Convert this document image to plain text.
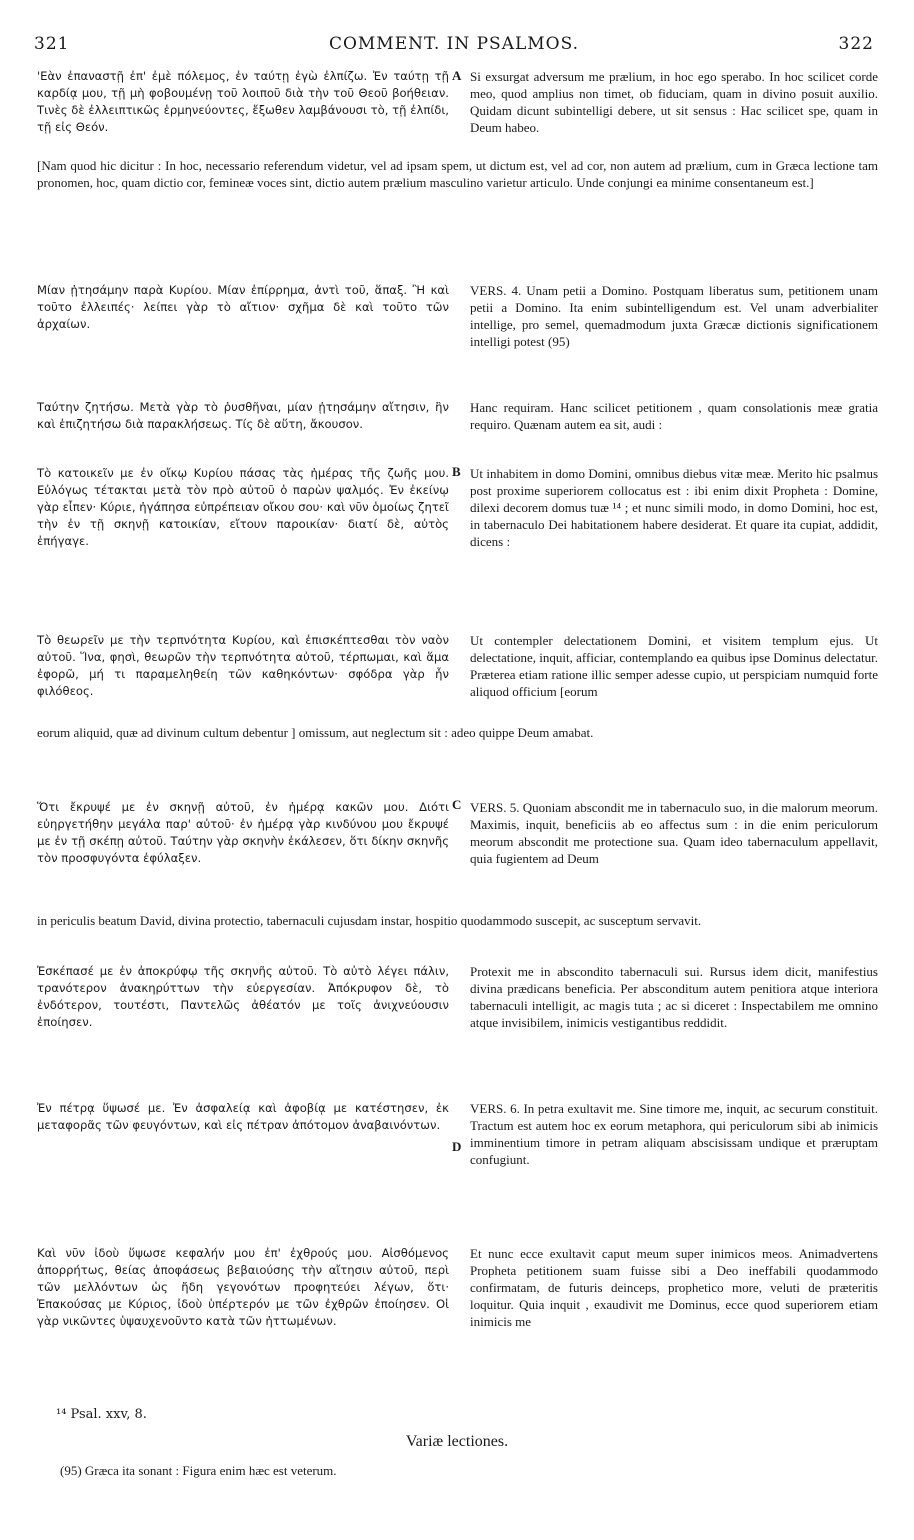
321	COMMENT. IN PSALMOS.	322
A
B
C
D

'Εὰν ἐπαναστῇ ἐπ' ἐμὲ πόλεμος, ἐν ταύτῃ ἐγὼ ἐλπίζω. Ἐν ταύτῃ τῇ καρδίᾳ μου, τῇ μὴ φοβουμένῃ τοῦ λοιποῦ διὰ τὴν τοῦ Θεοῦ βοήθειαν. Τινὲς δὲ ἐλλειπτικῶς ἑρμηνεύοντες, ἔξωθεν λαμβάνουσι τὸ, τῇ ἐλπίδι, τῇ εἰς Θεόν.

Si exsurgat adversum me prælium, in hoc ego sperabo. In hoc scilicet corde meo, quod amplius non timet, ob fiduciam, quam in divino posuit auxilio. Quidam dicunt subintelligi debere, ut sit sensus : Hac scilicet spe, quam in Deum habeo.

[Nam quod hic dicitur : In hoc, necessario referendum videtur, vel ad ipsam spem, ut dictum est, vel ad cor, non autem ad prælium, cum in Græca lectione tam pronomen, hoc, quam dictio cor, femineæ voces sint, dictio autem prælium masculino varietur articulo. Unde conjungi ea minime consentaneum est.]

Μίαν ᾐτησάμην παρὰ Κυρίου. Μίαν ἐπίρρημα, ἀντὶ τοῦ, ἅπαξ. Ἢ καὶ τοῦτο ἐλλειπές· λείπει γὰρ τὸ αἴτιον· σχῆμα δὲ καὶ τοῦτο τῶν ἀρχαίων.

VERS. 4. Unam petii a Domino. Postquam liberatus sum, petitionem unam petii a Domino. Ita enim subintelligendum est. Vel unam adverbialiter intellige, pro semel, quemadmodum juxta Græcæ dictionis significationem intelligi potest (95)

Ταύτην ζητήσω. Μετὰ γὰρ τὸ ῥυσθῆναι, μίαν ᾐτησάμην αἴτησιν, ἣν καὶ ἐπιζητήσω διὰ παρακλήσεως. Τίς δὲ αὕτη, ἄκουσον.

Hanc requiram. Hanc scilicet petitionem , quam consolationis meæ gratia requiro. Quænam autem ea sit, audi :

Τὸ κατοικεῖν με ἐν οἴκῳ Κυρίου πάσας τὰς ἡμέρας τῆς ζωῆς μου. Εὐλόγως τέτακται μετὰ τὸν πρὸ αὐτοῦ ὁ παρὼν ψαλμός. Ἐν ἐκείνῳ γὰρ εἶπεν· Κύριε, ἠγάπησα εὐπρέπειαν οἴκου σου· καὶ νῦν ὁμοίως ζητεῖ τὴν ἐν τῇ σκηνῇ κατοικίαν, εἴτουν παροικίαν· διατί δὲ, αὐτὸς ἐπήγαγε.

Ut inhabitem in domo Domini, omnibus diebus vitæ meæ. Merito hic psalmus post proxime superiorem collocatus est : ibi enim dixit Propheta : Domine, dilexi decorem domus tuæ ¹⁴ ; et nunc simili modo, in domo Domini, hoc est, in tabernaculo Dei habitationem habere desiderat. Et quare ita cupiat, addidit, dicens :

Τὸ θεωρεῖν με τὴν τερπνότητα Κυρίου, καὶ ἐπισκέπτεσθαι τὸν ναὸν αὐτοῦ. Ἵνα, φησὶ, θεωρῶν τὴν τερπνότητα αὐτοῦ, τέρπωμαι, καὶ ἅμα ἐφορῶ, μή τι παραμεληθείη τῶν καθηκόντων· σφόδρα γὰρ ἦν φιλόθεος.

Ut contempler delectationem Domini, et visitem templum ejus. Ut delectatione, inquit, afficiar, contemplando ea quibus ipse Dominus delectatur. Præterea etiam ratione illic semper adesse cupio, ut perspiciam numquid forte aliquod officium [eorum

eorum aliquid, quæ ad divinum cultum debentur ] omissum, aut neglectum sit : adeo quippe Deum amabat.

Ὅτι ἔκρυψέ με ἐν σκηνῇ αὐτοῦ, ἐν ἡμέρᾳ κακῶν μου. Διότι εὐηργετήθην μεγάλα παρ' αὐτοῦ· ἐν ἡμέρᾳ γὰρ κινδύνου μου ἔκρυψέ με ἐν τῇ σκέπῃ αὐτοῦ. Ταύτην γὰρ σκηνὴν ἐκάλεσεν, ὅτι δίκην σκηνῆς τὸν προσφυγόντα ἐφύλαξεν.

VERS. 5. Quoniam abscondit me in tabernaculo suo, in die malorum meorum. Maximis, inquit, beneficiis ab eo affectus sum : in die enim periculorum meorum abscondit me protectione sua. Quam ideo tabernaculum appellavit, quia fugientem ad Deum

in periculis beatum David, divina protectio, tabernaculi cujusdam instar, hospitio quodammodo suscepit, ac susceptum servavit.

Ἐσκέπασέ με ἐν ἀποκρύφῳ τῆς σκηνῆς αὐτοῦ. Τὸ αὐτὸ λέγει πάλιν, τρανότερον ἀνακηρύττων τὴν εὐεργεσίαν. Ἀπόκρυφον δὲ, τὸ ἐνδότερον, τουτέστι, Παντελῶς ἀθέατόν με τοῖς ἀνιχνεύουσιν ἐποίησεν.

Protexit me in abscondito tabernaculi sui. Rursus idem dicit, manifestius divina prædicans beneficia. Per absconditum autem penitiora atque interiora tabernaculi intelligit, ac magis tuta ; ac si diceret : Inspectabilem me omnino atque invisibilem, inimicis vestigantibus reddidit.

Ἐν πέτρᾳ ὕψωσέ με. Ἐν ἀσφαλείᾳ καὶ ἀφοβίᾳ με κατέστησεν, ἐκ μεταφορᾶς τῶν φευγόντων, καὶ εἰς πέτραν ἀπότομον ἀναβαινόντων.

VERS. 6. In petra exultavit me. Sine timore me, inquit, ac securum constituit. Tractum est autem hoc ex eorum metaphora, qui periculorum sibi ab inimicis imminentium timore in petram aliquam abscisissam undique et præruptam confugiunt.

Καὶ νῦν ἰδοὺ ὕψωσε κεφαλήν μου ἐπ' ἐχθρούς μου. Αἰσθόμενος ἀπορρήτως, θείας ἀποφάσεως βεβαιούσης τὴν αἴτησιν αὐτοῦ, περὶ τῶν μελλόντων ὡς ἤδη γεγονότων προφητεύει λέγων, ὅτι· Ἐπακούσας με Κύριος, ἰδοὺ ὑπέρτερόν με τῶν ἐχθρῶν ἐποίησεν. Οἱ γὰρ νικῶντες ὑψαυχενοῦντο κατὰ τῶν ἡττωμένων.

Et nunc ecce exultavit caput meum super inimicos meos. Animadvertens Propheta petitionem suam fuisse sibi a Deo ineffabili quodammodo confirmatam, de futuris deinceps, prophetico more, veluti de præteritis loquitur. Quia inquit , exaudivit me Dominus, ecce quod superiorem etiam inimicis me

¹⁴ Psal. xxv, 8.
Variæ lectiones.
(95) Græca ita sonant : Figura enim hæc est veterum.
